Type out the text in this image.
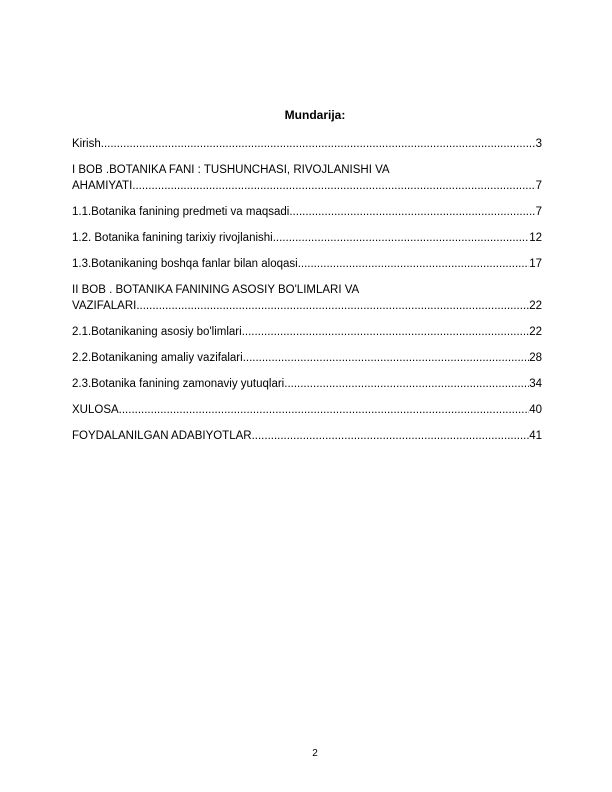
Mundarija:
Kirish .....	3
I BOB .BOTANIKA FANI : TUSHUNCHASI, RIVOJLANISHI VA
AHAMIYATI .....	7
1.1.Botanika fanining predmeti va maqsadi .....	7
1.2. Botanika fanining tarixiy rivojlanishi .....	12
1.3.Botanikaning boshqa fanlar bilan aloqasi .....	17
II BOB . BOTANIKA FANINING ASOSIY BO'LIMLARI VA
VAZIFALARI .....	22
2.1.Botanikaning asosiy bo'limlari .....	22
2.2.Botanikaning amaliy vazifalari .....	28
2.3.Botanika fanining zamonaviy yutuqlari .....	34
XULOSA .....	40
FOYDALANILGAN ADABIYOTLAR .....	41
2
